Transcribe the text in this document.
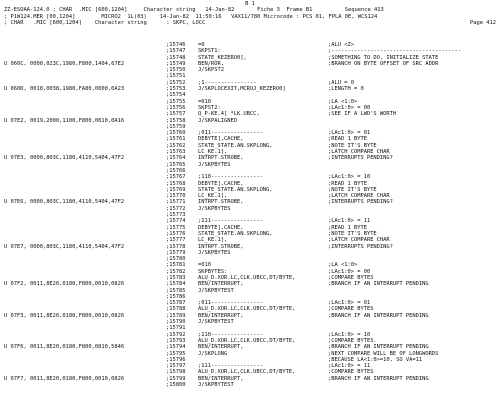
B 1
ZZ-ESOAA-124.0 ; CHAR  .MIC [600,1204]     Character string   14-Jan-82       Fiche 3  Frame B1          Sequence 413
; P1W124.MER [00,1204]        MICRO2  1L(03)    14-Jan-82  11:50:16   VAX11/780 Microcode : PCS 01, FPLA 0E, WCS124
; CHAR   .MIC [600,1204]    Character string      : SKPC, LOCC	Page 412
;15746	=0	;ALU <Z>
;15747	SKPST1:	;----------------------------------------
;15748	STATE_KEZERO0],	;SOMETHING TO DO, INITIALIZE STATE
U 060C, 0000,023C,1980,F800,1404,67E2	;15749	BEN/ROR,	;BRANCH ON BYTE OFFSET OF SRC ADDR
;15750	J/SKPST2
;15751
;15752	;1----------------	;ALU = 0
U 060D, 0018,0038,1980,FA80,0000,0A23	;15753	J/SKPLOCEXIT,MCROJ_KEZERO0]	;LENGTH = 0
;15754
;15755	=010	;LA <1:0>
;15756	SKPST2:	;LAc1:0> = 00
;15757	Q_P-KE.4] *LK.UBCC,	;SEE IF A LWD'S WORTH
U 07E2, 0019,2000,1100,F800,0010,0A16	;15758	J/SKPALIGNED
;15759
;15760	;011----------------	;LAc1:0> = 01
;15761	DEBYTE],CACHE,	;READ 1 BYTE
;15762	STATE_STATE.AN.SKPLONG,	;NOTE IT'S BYTE
;15763	LC_KE.1],	;LATCH COMPARE CHAR
U 07E3, 0000,803C,1180,4110,5404,47F2	;15764	INTRPT.STROBE,	;INTERRUPTS PENDING?
;15765	J/SKPBYTES
;15766
;15767	;110----------------	;LAc1:0> = 10
;15768	DEBYTE],CACHE,	;READ 1 BYTE
;15769	STATE_STATE.AN.SKPLONG,	;NOTE IT'S BYTE
;15770	LC_KE.1],	;LATCH COMPARE CHAR
U 07E6, 0000,803C,1180,4110,5404,47F2	;15771	INTRPT.STROBE,	;INTERRUPTS PENDING?
;15772	J/SKPBYTES
;15773
;15774	;111----------------	;LAc1:0> = 11
;15775	DEBYTE],CACHE,	;READ 1 BYTE
;15776	STATE_STATE.AN.SKPLONG,	;NOTE IT'S BYTE
;15777	LC_KE.1],	;LATCH COMPARE CHAR
U 07E7, 0000,803C,1180,4110,5404,47F2	;15778	INTRPT.STROBE,	;INTERRUPTS PENDING?
;15779	J/SKPBYTES
;15780
;15781	=010	;LA <1:0>
;15782	SKPBYTES:	;LAc1:0> = 00
;15783	ALU_D.XOR.LC,CLK.UBCC,DT/BYTE,	;COMPARE BYTES
U 07F2, 0011,8E20,0180,F800,0010,0826	;15784	BEN/INTERRUPT,	;BRANCH IF AN INTERRUPT PENDING
;15785	J/SKPBYTEST
;15786
;15787	;011----------------	;LAc1:0> = 01
;15788	ALU_D.XOR.LC,CLK.UBCC,DT/BYTE,	;COMPARE BYTES
U 07F3, 0011,8E20,0180,F800,0010,0826	;15789	BEN/INTERRUPT,	;BRANCH IF AN INTERRUPT PENDING
;15790	J/SKPBYTEST
;15791
;15792	;110----------------	;LAc1:0> = 10
;15793	ALU_D.XOR.LC,CLK.UBCC,DT/BYTE,	;COMPARE BYTES.
U 07F6, 0011,8E20,0180,F800,0810,5846	;15794	BEN/INTERRUPT,	;BRANCH IF AN INTERRUPT PENDING
;15795	J/SKPLONG	;NEXT COMPARE WILL BE OF LONGWORDS
;15796	;BECAUSE LA<1:0>=10, SO VA=11
;15797	;111----------------	;LAc1:0> = 11
;15798	ALU_D.XOR.LC,CLK.UBCC,DT/BYTE,	;COMPARE BYTES
U 07F7, 0011,8E20,0180,F800,0010,0826	;15799	BEN/INTERRUPT,	;BRANCH IF AN INTERRUPT PENDING
;15800	J/SKPBYTEST
